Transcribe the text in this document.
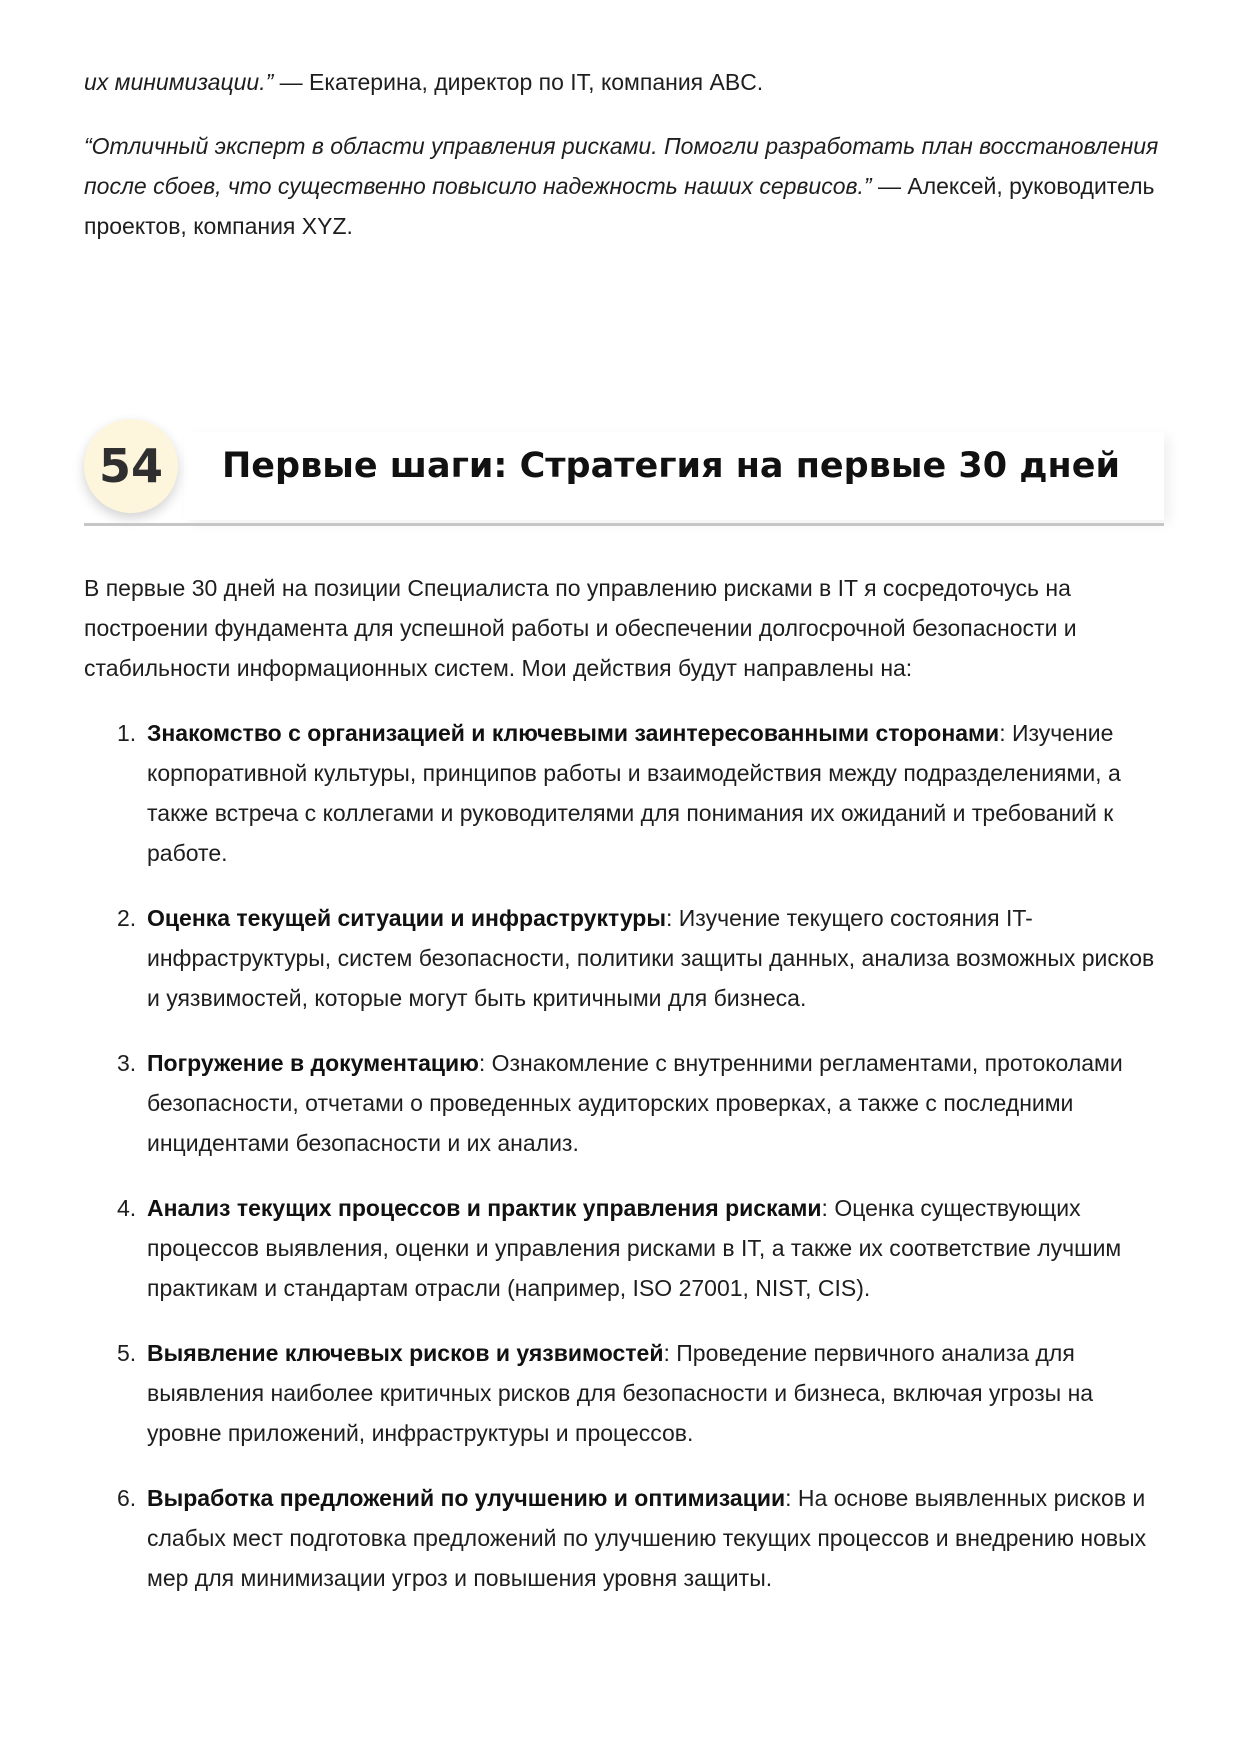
их минимизации.” — Екатерина, директор по IT, компания ABC.

“Отличный эксперт в области управления рисками. Помогли разработать план восстановления после сбоев, что существенно повысило надежность наших сервисов.” — Алексей, руководитель проектов, компания XYZ.

54	Первые шаги: Стратегия на первые 30 дней

В первые 30 дней на позиции Специалиста по управлению рисками в IT я сосредоточусь на построении фундамента для успешной работы и обеспечении долгосрочной безопасности и стабильности информационных систем. Мои действия будут направлены на:

1. Знакомство с организацией и ключевыми заинтересованными сторонами: Изучение корпоративной культуры, принципов работы и взаимодействия между подразделениями, а также встреча с коллегами и руководителями для понимания их ожиданий и требований к работе.
2. Оценка текущей ситуации и инфраструктуры: Изучение текущего состояния IT-инфраструктуры, систем безопасности, политики защиты данных, анализа возможных рисков и уязвимостей, которые могут быть критичными для бизнеса.
3. Погружение в документацию: Ознакомление с внутренними регламентами, протоколами безопасности, отчетами о проведенных аудиторских проверках, а также с последними инцидентами безопасности и их анализ.
4. Анализ текущих процессов и практик управления рисками: Оценка существующих процессов выявления, оценки и управления рисками в IT, а также их соответствие лучшим практикам и стандартам отрасли (например, ISO 27001, NIST, CIS).
5. Выявление ключевых рисков и уязвимостей: Проведение первичного анализа для выявления наиболее критичных рисков для безопасности и бизнеса, включая угрозы на уровне приложений, инфраструктуры и процессов.
6. Выработка предложений по улучшению и оптимизации: На основе выявленных рисков и слабых мест подготовка предложений по улучшению текущих процессов и внедрению новых мер для минимизации угроз и повышения уровня защиты.
